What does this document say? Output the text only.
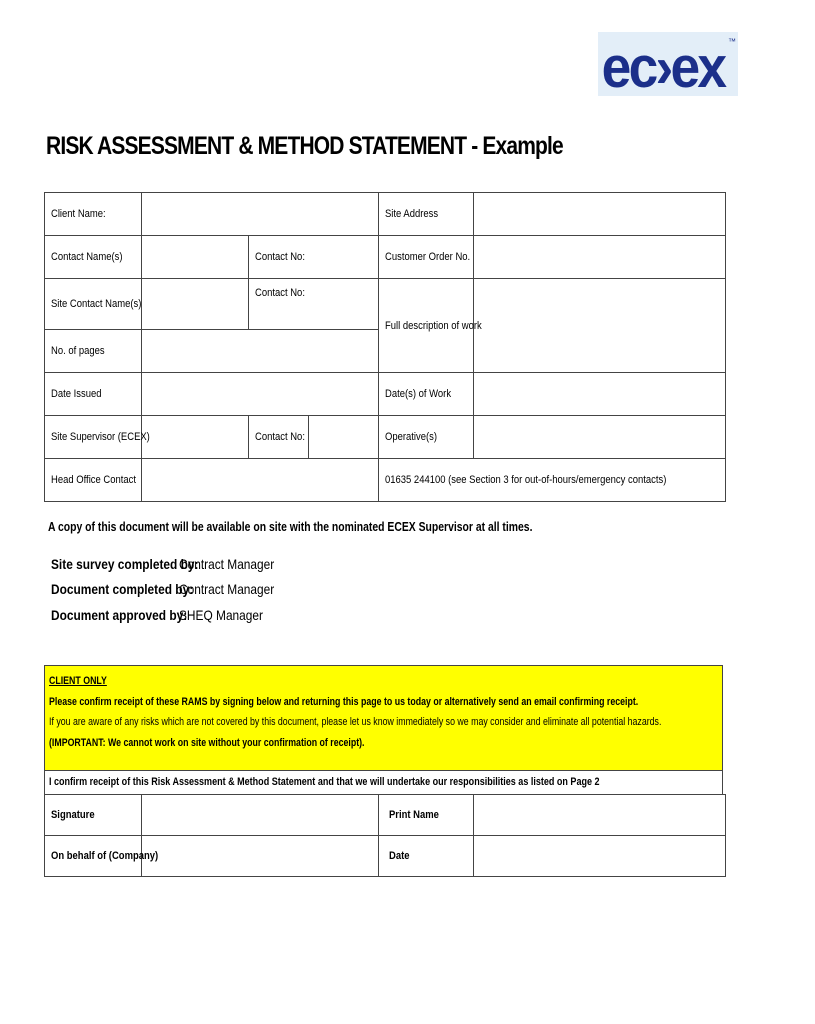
ec›ex ™
RISK ASSESSMENT & METHOD STATEMENT - Example
Client Name:				Site Address	
Contact Name(s)		Contact No:		Customer Order No.	
Site Contact Name(s)		Contact No:		Full description of work	
No. of pages					
Date Issued				Date(s) of Work	
Site Supervisor (ECEX)		Contact No:		Operative(s)	
Head Office Contact				01635 244100 (see Section 3 for out-of-hours/emergency contacts)	
A copy of this document will be available on site with the nominated ECEX Supervisor at all times.
Site survey completed by:
Contract Manager
Document completed by:
Contract Manager
Document approved by:
SHEQ Manager
CLIENT ONLY
Please confirm receipt of these RAMS by signing below and returning this page to us today or alternatively send an email confirming receipt.
If you are aware of any risks which are not covered by this document, please let us know immediately so we may consider and eliminate all potential hazards.
(IMPORTANT: We cannot work on site without your confirmation of receipt).
I confirm receipt of this Risk Assessment & Method Statement and that we will undertake our responsibilities as listed on Page 2
Signature		Print Name	
On behalf of (Company)		Date	
